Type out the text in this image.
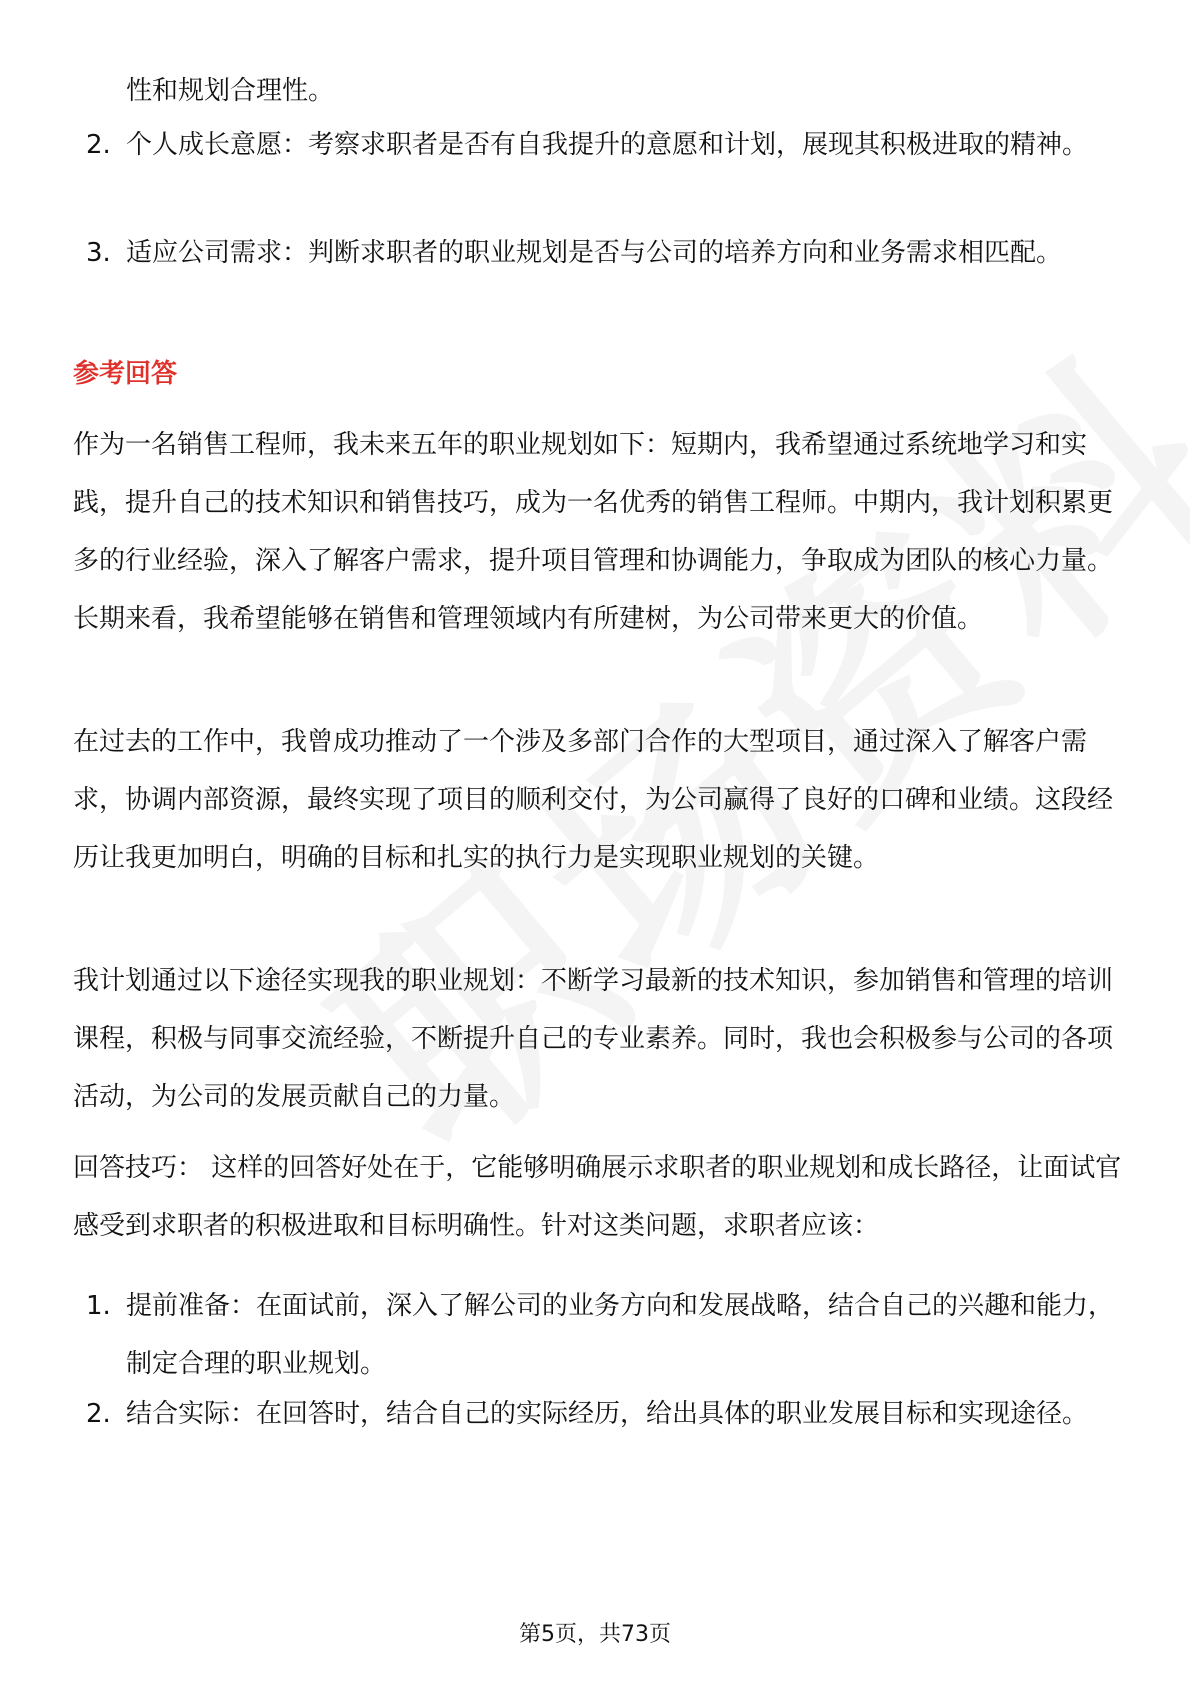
性和规划合理性。

2. 个人成长意愿：考察求职者是否有自我提升的意愿和计划，展现其积极进取的精神。
3. 适应公司需求：判断求职者的职业规划是否与公司的培养方向和业务需求相匹配。
参考回答

作为一名销售工程师，我未来五年的职业规划如下：短期内，我希望通过系统地学习和实践，提升自己的技术知识和销售技巧，成为一名优秀的销售工程师。中期内，我计划积累更多的行业经验，深入了解客户需求，提升项目管理和协调能力，争取成为团队的核心力量。长期来看，我希望能够在销售和管理领域内有所建树，为公司带来更大的价值。

在过去的工作中，我曾成功推动了一个涉及多部门合作的大型项目，通过深入了解客户需求，协调内部资源，最终实现了项目的顺利交付，为公司赢得了良好的口碑和业绩。这段经历让我更加明白，明确的目标和扎实的执行力是实现职业规划的关键。

我计划通过以下途径实现我的职业规划：不断学习最新的技术知识，参加销售和管理的培训课程，积极与同事交流经验，不断提升自己的专业素养。同时，我也会积极参与公司的各项活动，为公司的发展贡献自己的力量。

回答技巧： 这样的回答好处在于，它能够明确展示求职者的职业规划和成长路径，让面试官感受到求职者的积极进取和目标明确性。针对这类问题，求职者应该：

1. 提前准备：在面试前，深入了解公司的业务方向和发展战略，结合自己的兴趣和能力，制定合理的职业规划。
2. 结合实际：在回答时，结合自己的实际经历，给出具体的职业发展目标和实现途径。
第5页，共73页
